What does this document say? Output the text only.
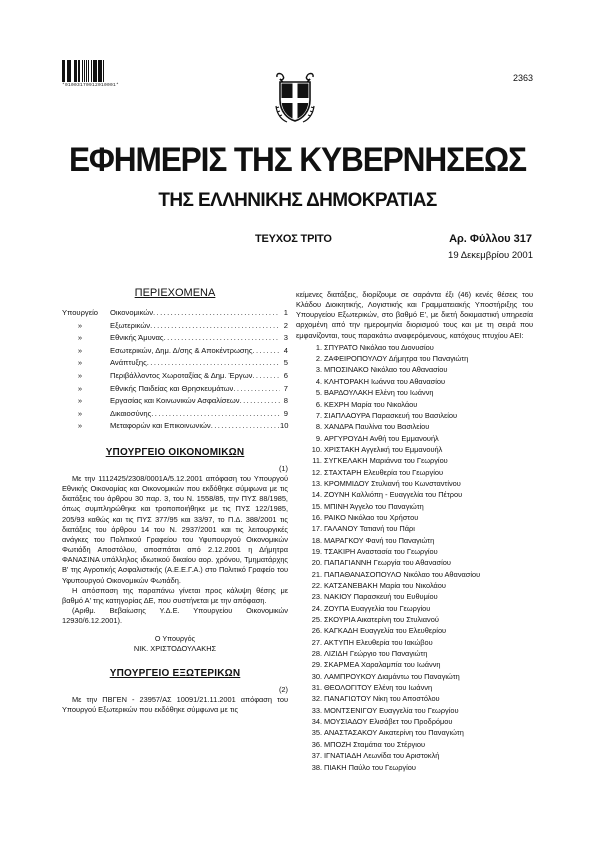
*01003170912010001*
2363
ΕΦΗΜΕΡΙΣ ΤΗΣ ΚΥΒΕΡΝΗΣΕΩΣ
ΤΗΣ ΕΛΛΗΝΙΚΗΣ ΔΗΜΟΚΡΑΤΙΑΣ
ΤΕΥΧΟΣ ΤΡΙΤΟ	Αρ. Φύλλου 317
19 Δεκεμβρίου 2001
ΠΕΡΙΕΧΟΜΕΝΑ
Υπουργείο	Οικονομικών .....	1
»	Εξωτερικών .....	2
»	Εθνικής Άμυνας .....	3
»	Εσωτερικών, Δημ. Δ/σης & Αποκέντρωσης .....	4
»	Ανάπτυξης .....	5
»	Περιβάλλοντος Χωροταξίας & Δημ. Έργων .....	6
»	Εθνικής Παιδείας και Θρησκευμάτων .....	7
»	Εργασίας και Κοινωνικών Ασφαλίσεων .....	8
»	Δικαιοσύνης .....	9
»	Μεταφορών και Επικοινωνιών .....	10
ΥΠΟΥΡΓΕΙΟ ΟΙΚΟΝΟΜΙΚΩΝ
(1)

Με την 1112425/2308/0001A/5.12.2001 απόφαση του Υπουργού Εθνικής Οικονομίας και Οικονομικών που εκδόθηκε σύμφωνα με τις διατάξεις του άρθρου 30 παρ. 3, του Ν. 1558/85, την ΠΥΣ 88/1985, όπως συμπληρώθηκε και τροποποιήθηκε με τις ΠΥΣ 122/1985, 205/93 καθώς και τις ΠΥΣ 377/95 και 33/97, το Π.Δ. 388/2001 τις διατάξεις του άρθρου 14 του Ν. 2937/2001 και τις λειτουργικές ανάγκες του Πολιτικού Γραφείου του Υφυπουργού Οικονομικών Φωτιάδη Αποστόλου, αποσπάται από 2.12.2001 η Δήμητρα ΦΑΝΑΣΙΝΑ υπάλληλος ιδιωτικού δικαίου αορ. χρόνου, Τμηματάρχης Β' της Αγροτικής Ασφαλιστικής (Α.Ε.Ε.Γ.Α.) στο Πολιτικό Γραφείο του Υφυπουργού Οικονομικών Φωτιάδη.

Η απόσπαση της παραπάνω γίνεται προς κάλυψη θέσης με βαθμό Α' της κατηγορίας ΔΕ, που συστήνεται με την απόφαση.

(Αριθμ. Βεβαίωσης Υ.Δ.Ε. Υπουργείου Οικονομικών 12930/6.12.2001).

Ο Υπουργός
ΝΙΚ. ΧΡΙΣΤΟΔΟΥΛΑΚΗΣ
ΥΠΟΥΡΓΕΙΟ ΕΞΩΤΕΡΙΚΩΝ
(2)

Με την ΠΒΓΕΝ - 23957/ΑΣ 10091/21.11.2001 απόφαση του Υπουργού Εξωτερικών που εκδόθηκε σύμφωνα με τις

κείμενες διατάξεις, διορίζουμε σε σαράντα έξι (46) κενές θέσεις του Κλάδου Διοικητικής, Λογιστικής και Γραμματειακής Υποστήριξης του Υπουργείου Εξωτερικών, στο βαθμό Ε', με διετή δοκιμαστική υπηρεσία αρχομένη από την ημερομηνία διορισμού τους και με τη σειρά που εμφανίζονται, τους παρακάτω αναφερόμενους, κατόχους πτυχίου ΑΕΙ:

1. ΣΠΥΡΑΤΟ Νικόλαο του Διονυσίου
2. ΖΑΦΕΙΡΟΠΟΥΛΟΥ Δήμητρα του Παναγιώτη
3. ΜΠΟΣΙΝΑΚΟ Νικόλαο του Αθανασίου
4. ΚΛΗΤΟΡΑΚΗ Ιωάννα του Αθανασίου
5. ΒΑΡΔΟΥΛΑΚΗ Ελένη του Ιωάννη
6. ΚΕΧΡΗ Μαρία του Νικολάου
7. ΣΙΑΠΛΑΟΥΡΑ Παρασκευή του Βασιλείου
8. ΧΑΝΔΡΑ Παυλίνα του Βασιλείου
9. ΑΡΓΥΡΟΥΔΗ Ανθή του Εμμανουήλ
10. ΧΡΙΣΤΑΚΗ Αγγελική του Εμμανουήλ
11. ΣΥΓΚΕΛΑΚΗ Μαριάννα του Γεωργίου
12. ΣΤΑΧΤΑΡΗ Ελευθερία του Γεωργίου
13. ΚΡΟΜΜΙΔΟΥ Στυλιανή του Κωνσταντίνου
14. ΖΟΥΝΗ Καλλιόπη - Ευαγγελία του Πέτρου
15. ΜΠΙΝΗ Άγγελο του Παναγιώτη
16. ΡΑΙΚΟ Νικόλαο του Χρήστου
17. ΓΑΛΑΝΟΥ Τατιανή του Πάρι
18. ΜΑΡΑΓΚΟΥ Φανή του Παναγιώτη
19. ΤΣΑΚΙΡΗ Αναστασία του Γεωργίου
20. ΠΑΠΑΓΙΑΝΝΗ Γεωργία του Αθανασίου
21. ΠΑΠΑΘΑΝΑΣΟΠΟΥΛΟ Νικόλαο του Αθανασίου
22. ΚΑΤΣΑΝΕΒΑΚΗ Μαρία του Νικολάου
23. ΝΑΚΙΟΥ Παρασκευή του Ευθυμίου
24. ΖΟΥΠΑ Ευαγγελία του Γεωργίου
25. ΣΚΟΥΡΙΑ Αικατερίνη του Στυλιανού
26. ΚΑΓΚΑΔΗ Ευαγγελία του Ελευθερίου
27. ΑΚΤΥΠΗ Ελευθερία του Ιακώβου
28. ΛΙΖΙΔΗ Γεώργιο του Παναγιώτη
29. ΣΚΑΡΜΕΑ Χαραλαμπία του Ιωάννη
30. ΛΑΜΠΡΟΥΚΟΥ Διαμάντω του Παναγιώτη
31. ΘΕΟΛΟΓΙΤΟΥ Ελένη του Ιωάννη
32. ΠΑΝΑΓΙΩΤΟΥ Νίκη του Αποστόλου
33. ΜΟΝΤΣΕΝΙΓΟΥ Ευαγγελία του Γεωργίου
34. ΜΟΥΣΙΑΔΟΥ Ελισάβετ του Προδρόμου
35. ΑΝΑΣΤΑΣΑΚΟΥ Αικατερίνη του Παναγιώτη
36. ΜΠΟΖΗ Σταμάτια του Στέργιου
37. ΙΓΝΑΤΙΑΔΗ Λεωνίδα του Αριστοκλή
38. ΠΙΑΚΗ Παύλο του Γεωργίου
